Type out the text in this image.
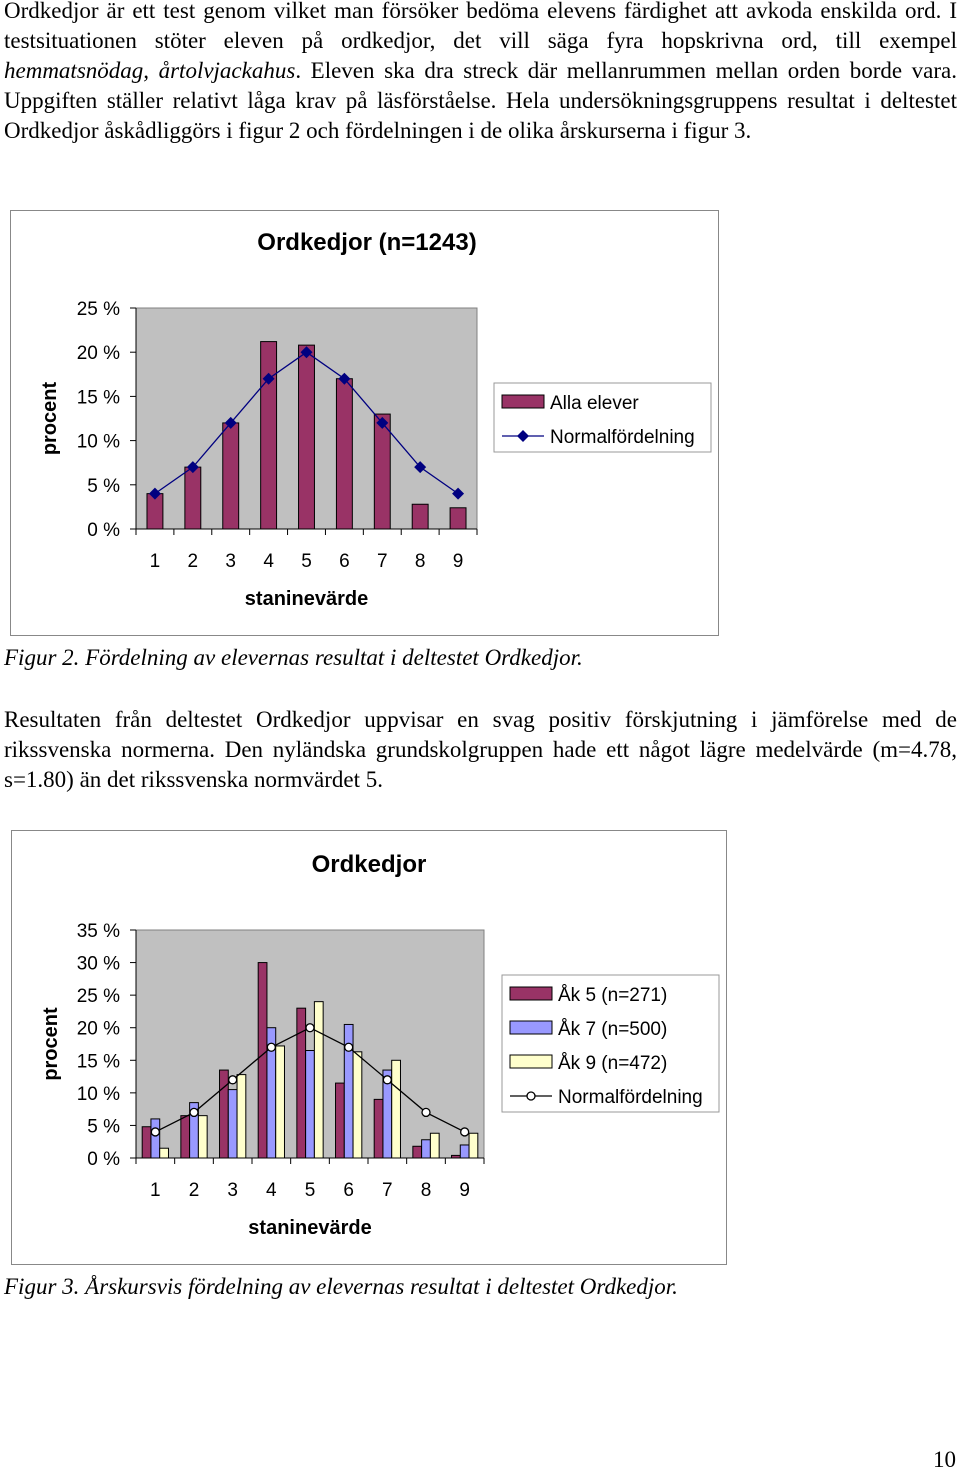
Ordkedjor är ett test genom vilket man försöker bedöma elevens färdighet att avkoda enskilda ord. I testsituationen stöter eleven på ordkedjor, det vill säga fyra hopskrivna ord, till exempel hemmatsnödag, årtolvjackahus. Eleven ska dra streck där mellanrummen mellan orden borde vara. Uppgiften ställer relativt låga krav på läsförståelse. Hela undersökningsgruppens resultat i deltestet Ordkedjor åskådliggörs i figur 2 och fördelningen i de olika årskurserna i figur 3.

Ordkedjor (n=1243)
0 %
5 %
10 %
15 %
20 %
25 %
1 2 3 4 5 6 7 8 9
staninevärde
procent	Alla elever
Normalfördelning

Figur 2. Fördelning av elevernas resultat i deltestet Ordkedjor.

Resultaten från deltestet Ordkedjor uppvisar en svag positiv förskjutning i jämförelse med de rikssvenska normerna. Den nyländska grundskolgruppen hade ett något lägre medelvärde (m=4.78, s=1.80) än det rikssvenska normvärdet 5.

Ordkedjor
0 %
5 %
10 %
15 %
20 %
25 %
30 %
35 %
1 2 3 4 5 6 7 8 9
staninevärde
procent
Åk 5 (n=271)
Åk 7 (n=500)
Åk 9 (n=472)
Normalfördelning

Figur 3. Årskursvis fördelning av elevernas resultat i deltestet Ordkedjor.

10
